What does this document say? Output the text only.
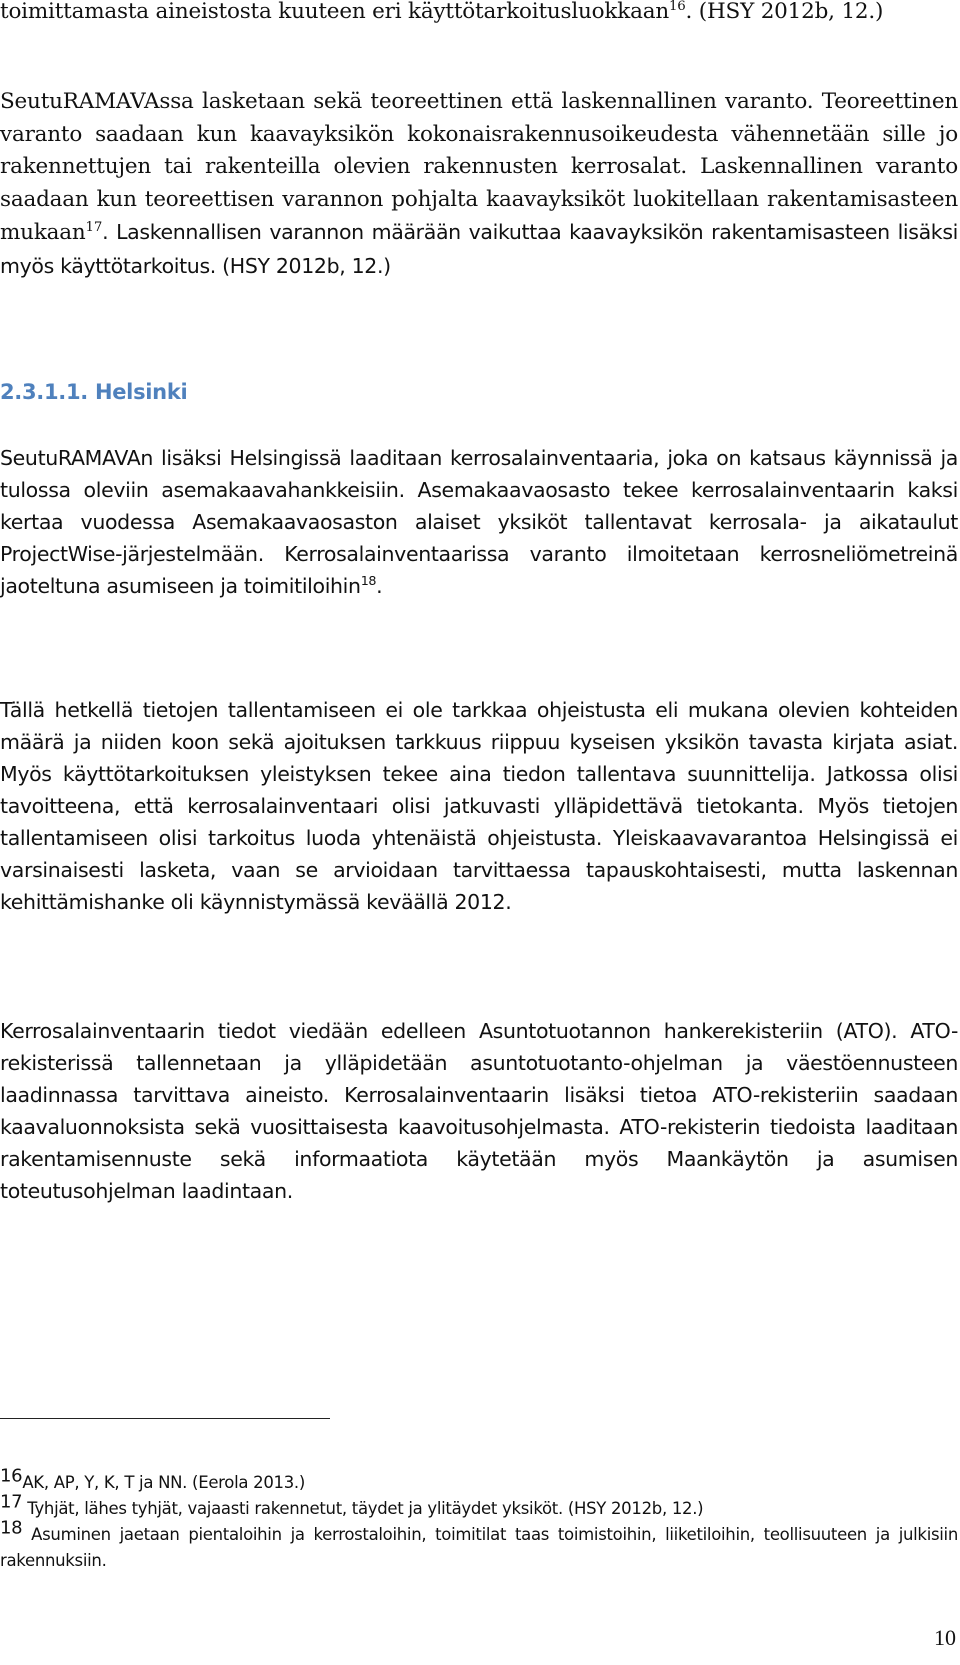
toimittamasta aineistosta kuuteen eri käyttötarkoitusluokkaan$^{16}$. (HSY 2012b, 12.)

SeutuRAMAVAssa lasketaan sekä teoreettinen että laskennallinen varanto. Teoreettinen varanto saadaan kun kaavayksikön kokonaisrakennusoikeudesta vähennetään sille jo rakennettujen tai rakenteilla olevien rakennusten kerrosalat. Laskennallinen varanto saadaan kun teoreettisen varannon pohjalta kaavayksiköt luokitellaan rakentamisasteen mukaan$^{17}$. Laskennallisen varannon määrään vaikuttaa kaavayksikön rakentamisasteen lisäksi myös käyttötarkoitus. (HSY 2012b, 12.)

2.3.1.1. Helsinki

SeutuRAMAVAn lisäksi Helsingissä laaditaan kerrosalainventaaria, joka on katsaus käynnissä ja tulossa oleviin asemakaavahankkeisiin. Asemakaavaosasto tekee kerrosalainventaarin kaksi kertaa vuodessa Asemakaavaosaston alaiset yksiköt tallentavat kerrosala- ja aikataulut ProjectWise-järjestelmään. Kerrosalainventaarissa varanto ilmoitetaan kerrosneliömetreinä jaoteltuna asumiseen ja toimitiloihin$^{18}$.

Tällä hetkellä tietojen tallentamiseen ei ole tarkkaa ohjeistusta eli mukana olevien kohteiden määrä ja niiden koon sekä ajoituksen tarkkuus riippuu kyseisen yksikön tavasta kirjata asiat. Myös käyttötarkoituksen yleistyksen tekee aina tiedon tallentava suunnittelija. Jatkossa olisi tavoitteena, että kerrosalainventaari olisi jatkuvasti ylläpidettävä tietokanta. Myös tietojen tallentamiseen olisi tarkoitus luoda yhtenäistä ohjeistusta. Yleiskaavavarantoa Helsingissä ei varsinaisesti lasketa, vaan se arvioidaan tarvittaessa tapauskohtaisesti, mutta laskennan kehittämishanke oli käynnistymässä keväällä 2012.

Kerrosalainventaarin tiedot viedään edelleen Asuntotuotannon hankerekisteriin (ATO). ATO-rekisterissä tallennetaan ja ylläpidetään asuntotuotanto-ohjelman ja väestöennusteen laadinnassa tarvittava aineisto. Kerrosalainventaarin lisäksi tietoa ATO-rekisteriin saadaan kaavaluonnoksista sekä vuosittaisesta kaavoitusohjelmasta. ATO-rekisterin tiedoista laaditaan rakentamisennuste sekä informaatiota käytetään myös Maankäytön ja asumisen toteutusohjelman laadintaan.

$^{16}$AK, AP, Y, K, T ja NN. (Eerola 2013.)

$^{17}$ Tyhjät, lähes tyhjät, vajaasti rakennetut, täydet ja ylitäydet yksiköt. (HSY 2012b, 12.)

$^{18}$ Asuminen jaetaan pientaloihin ja kerrostaloihin, toimitilat taas toimistoihin, liiketiloihin, teollisuuteen ja julkisiin rakennuksiin.

10
